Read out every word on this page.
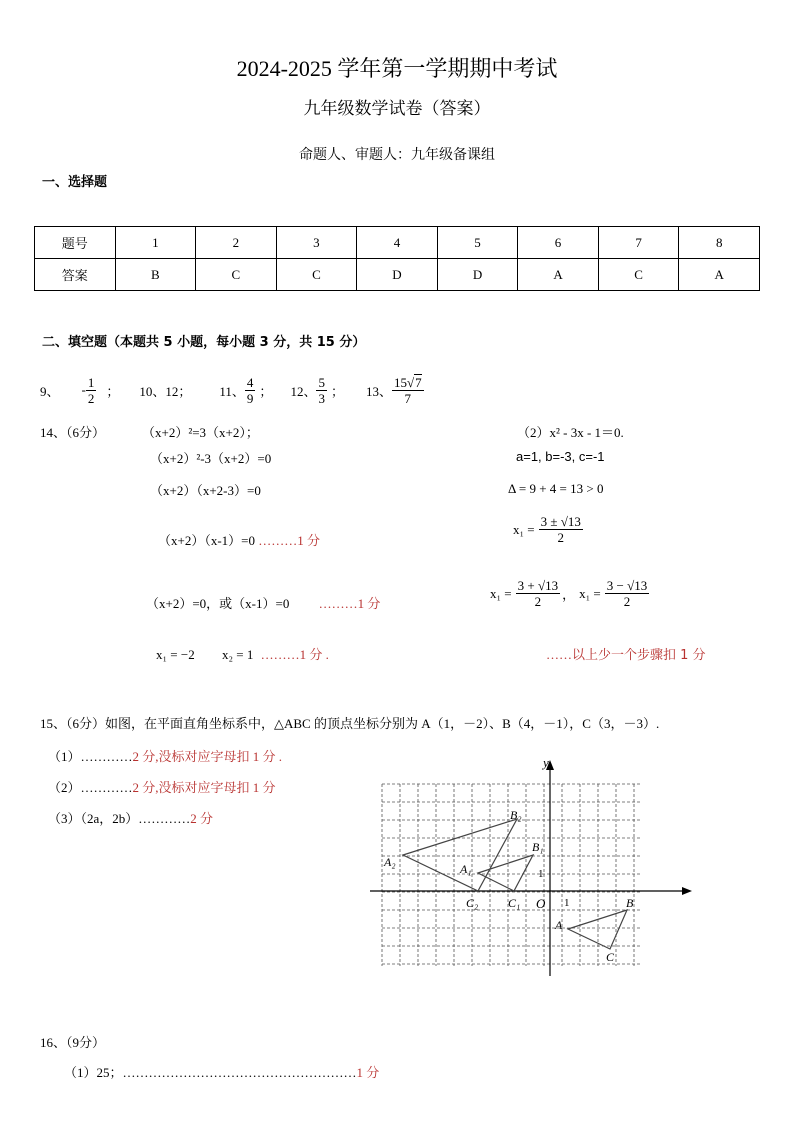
2024-2025 学年第一学期期中考试
九年级数学试卷（答案）
命题人、审题人：九年级备课组
一、选择题
题号	1	2	3	4	5	6	7	8
答案	B	C	C	D	D	A	C	A
二、填空题（本题共 5 小题，每小题 3 分，共 15 分）
9、 - $\frac{1}{2}$ ； 10、12； 11、 $\frac{4}{9}$ ； 12、 $\frac{5}{3}$ ； 13、 $\frac{15√7}{7}$
14、（6分）	（x+2）²=3（x+2）；
（x+2）²-3（x+2）=0
（x+2）（x+2-3）=0
（x+2）（x-1）=0 ………1 分
（x+2）=0，或（x-1）=0 ………1 分
x₁ = −2 x₂ = 1 ………1 分 .
（2）x² - 3x - 1＝0.
a=1, b=-3, c=-1
Δ = 9 + 4 = 13 > 0
$x_1 = \frac{3 \pm √13}{2}$
$x_1 = \frac{3 + √13}{2}$ ， $x_1 = \frac{3 - √13}{2}$
……以上少一个步骤扣 1 分
15、（6分）如图，在平面直角坐标系中，△ABC 的顶点坐标分别为 A（1，－2）、B（4，－1），C（3，－3）.
（1）…………2 分,没标对应字母扣 1 分 .
（2）…………2 分,没标对应字母扣 1 分
（3）（2a，2b）…………2 分
y
O 1
1
A
B
C
A₁
B₁
C₁
A₂
B₂
C₂
16、（9分）
（1）25；………………………………………………1 分
